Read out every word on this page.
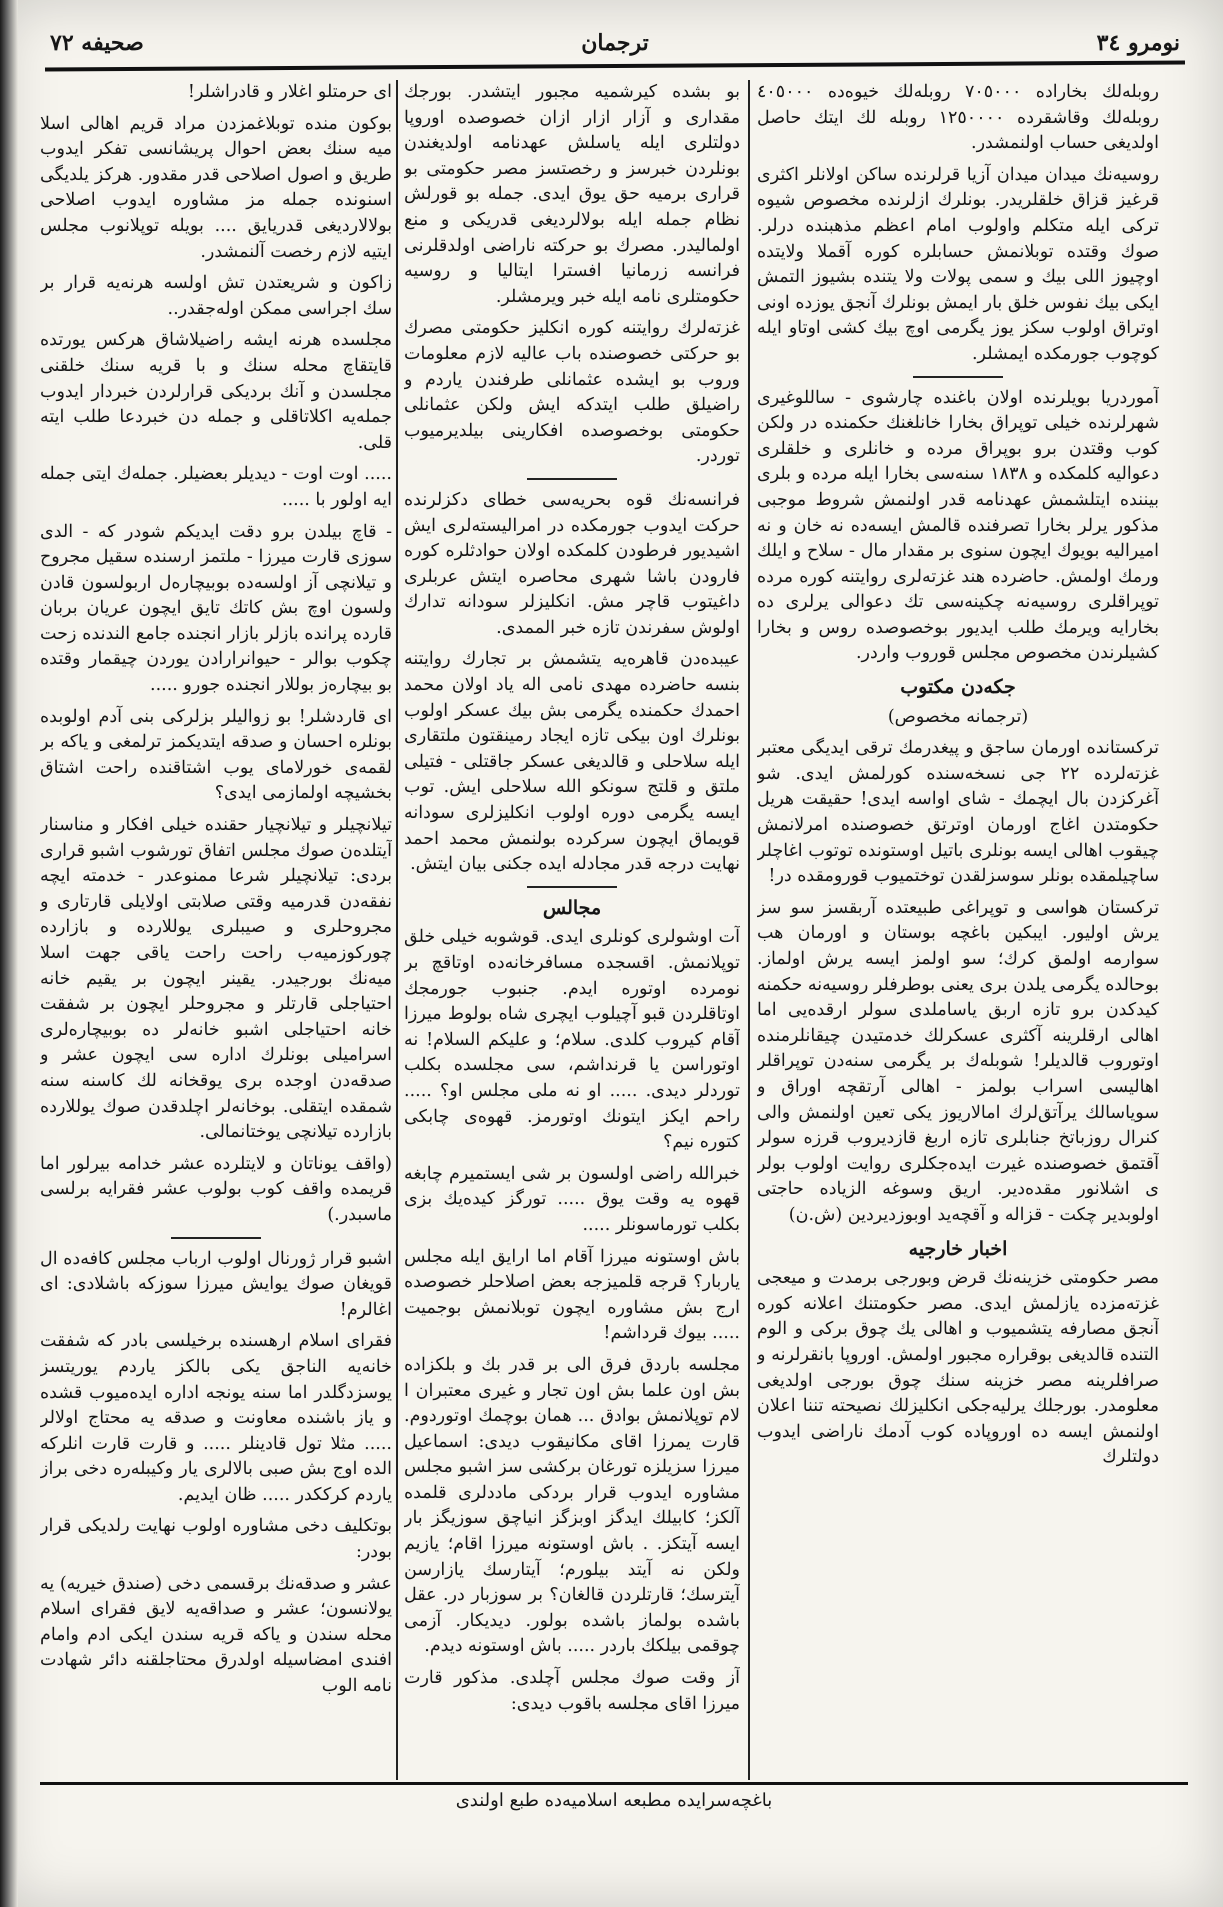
نومرو ٣٤
ترجمان
صحیفه ٧٢

روبله‌لك بخاراده ٧٠٥٠٠٠ روبله‌لك خیوه‌ده ٤٠٥٠٠٠ روبله‌لك وقاشقرده ١٢٥٠٠٠٠ روبله لك ایتك حاصل اولدیغی حساب اولنمشدر.

روسیه‌نك میدان میدان آزیا قرلرنده ساكن اولانلر اكثری قرغیز قزاق خلقلریدر. بونلرك ازلرنده مخصوص شیوه تركی ایله متكلم واولوب امام اعظم مذهبنده درلر. صوك وقتده توبلانمش حسابلره كوره آقملا ولایتده اوچیوز اللی بیك و سمی پولات ولا یتنده بشیوز التمش ایكی بیك نفوس خلق بار ایمش بونلرك آنجق یوزده اونی اوتراق اولوب سكز یوز یگرمی اوچ بیك كشی اوتاو ایله كوچوب جورمكده ایمشلر.

آموردریا بویلرنده اولان باغنده چارشوی - ساللوغیری شهرلرنده خیلی توپراق بخارا خانلغنك حكمنده در ولكن كوب وقتدن برو بوپراق مرده و خانلری و خلقلری دعوالیه كلمكده و ١٨٣٨ سنه‌سی بخارا ایله مرده و بلری بیننده ایتلشمش عهدنامه قدر اولنمش شروط موجبی مذكور یرلر بخارا تصرفنده قالمش ایسه‌ده نه خان و نه امیرالیه بویوك ایچون سنوی بر مقدار مال - سلاح و ایلك ورمك اولمش. حاضرده هند غزته‌لری روایتنه كوره مرده توپراقلری روسیه‌نه چكینه‌سی تك دعوالی یرلری ده بخارایه ویرمك طلب ایدیور بوخصوصده روس و بخارا كشیلرندن مخصوص مجلس قوروب واردر.

جكه‌دن مكتوب
(ترجمانه مخصوص)

تركستانده اورمان ساجق و پیغدرمك ترقی ایدیگی معتبر غزته‌لرده ٢٢ جی نسخه‌سنده كورلمش ایدی. شو آغركزدن بال ایچمك - شای اواسه ایدی! حقیقت هریل حكومتدن اغاج اورمان اوترتق خصوصنده امرلانمش چیقوب اهالی ایسه بونلری باتیل اوستونده توتوب اغاچلر ساچیلمقده بونلر سوسزلقدن توختمیوب قورومقده در!

تركستان هواسی و توپراغی طبیعتده آربقسز سو سز یرش اولیور. ایبكین باغچه بوستان و اورمان هب سوارمه اولمق كرك؛ سو اولمز ایسه یرش اولماز. بوحالده یگرمی یلدن بری یعنی بوطرفلر روسیه‌نه حكمنه كیدكدن برو تازه اربق یاساملدی سولر ارقده‌یی اما اهالی ارقلرینه آكثری عسكرلك خدمتیدن چیقانلرمنده اوتوروب قالدیلر! شوبله‌ك بر یگرمی سنه‌دن توپراقلر اهالیسی اسراب بولمز - اهالی آرتقچه اوراق و سویاسالك یرآتق‌لرك امالاریوز یكی تعین اولنمش والی كنرال روزباتخ جنابلری تازه اربغ قازدیروب قرزه سولر آقتمق خصوصنده غیرت ایده‌جكلری روایت اولوب بولر ی اشلانور مقده‌دیر. اریق وسوغه الزیاده حاجتی اولوبدیر چكت - قزاله و آقچه‌ید اوبوزدیردین (ش.ن)

اخبار خارجیه

مصر حكومتی خزینه‌نك قرض وبورجی برمدت و میعجی غزته‌مزده یازلمش ایدی. مصر حكومتنك اعلانه كوره آنجق مصارفه یتشمیوب و اهالی یك چوق بركی و الوم التنده قالدیغی بوقراره مجبور اولمش. اوروپا بانقرلرنه و صرافلرینه مصر خزینه سنك چوق بورجی اولدیغی معلومدر. بورجلك یرلیه‌جكی انكلیزلك نصیحته تننا اعلان اولنمش ایسه ده اوروپاده كوب آدمك ناراضی ایدوب دولتلرك

بو بشده كیرشمیه مجبور ایتشدر. بورجك مقداری و آزار ازار ازان خصوصده اوروپا دولتلری ایله یاسلش عهدنامه اولدیغندن بونلردن خبرسز و رخصتسز مصر حكومتی بو قراری برمیه حق یوق ایدی. جمله بو قورلش نظام جمله ایله بولالردیغی قدریكی و منع اولمالیدر. مصرك بو حركته ناراضی اولدقلرنی فرانسه زرمانیا افسترا ایتالیا و روسیه حكومتلری نامه ایله خبر ویرمشلر.

غزته‌لرك روایتنه كوره انكلیز حكومتی مصرك بو حركتی خصوصنده باب عالیه لازم معلومات وروب بو ایشده عثمانلی طرفندن یاردم و راضیلق طلب ایتدكه ایش ولكن عثمانلی حكومتی بوخصوصده افكارینی بیلدیرمیوب توردر.

فرانسه‌نك قوه بحریه‌سی خطای دكزلرنده حركت ایدوب جورمكده در امرالیسته‌لری ایش اشیدیور فرطودن كلمكده اولان حوادثلره كوره فارودن باشا شهری محاصره ایتش عربلری داغیتوب قاچر مش. انكلیزلر سودانه تدارك اولوش سفرندن تازه خبر الممدی.

عیبده‌دن قاهره‌یه یتشمش بر تجارك روایتنه بنسه حاضرده مهدی نامی اله یاد اولان محمد احمدك حكمنده یگرمی بش بیك عسكر اولوب بونلرك اون بیكی تازه ایجاد رمینقتون ملتقاری ایله سلاحلی و قالدیغی عسكر جاقتلی - فتیلی ملتق و قلتج سونكو الله سلاحلی ایش. توب ایسه یگرمی دوره اولوب انكلیزلری سودانه قویماق ایچون سركرده بولنمش محمد احمد نهایت درجه قدر مجادله ایده جكنی بیان ایتش.

مجالس

آت اوشولری كونلری ایدی. قوشوبه خیلی خلق توپلانمش. اقسجده مسافرخانه‌ده اوتاقچ بر نومرده اوتوره ایدم. جنبوب جورمجك اوتاقلردن قبو آچیلوب ایچری شاه بولوط میرزا آقام كیروب كلدی. سلام؛ و علیكم السلام! نه اوتوراسن یا قرنداشم، سی مجلسده بكلب توردلر دیدی. ..... او نه ملی مجلس او؟ ..... راحم ایكز ایتونك اوتورمز. قهوه‌ی چابكی كتوره نیم؟

خبرالله راضی اولسون بر شی ایستمیرم چابغه قهوه یه وقت یوق ..... تورگز كیده‌یك بزی بكلب تورماسونلر .....

باش اوستونه میرزا آقام اما ارایق ایله مجلس یاربار؟ قرجه قلمیزجه بعض اصلاحلر خصوصده ارج بش مشاوره ایچون توبلانمش بوجمیت ..... بیوك قرداشم!

مجلسه باردق فرق الی بر قدر بك و بلكزاده بش اون علما بش اون تجار و غیری معتبران ا لام توپلانمش بوادق ... همان بوچمك اوتوردوم. قارت یمرزا اقای مكانیقوب دیدی: اسماعیل میرزا سزیلزه تورغان بركشی سز اشبو مجلس مشاوره ایدوب قرار بردكی ماددلری قلمده آلكز؛ كابیلك ایدگز اوبزگز انیاچق سوزیگز بار ایسه آیتكز. . باش اوستونه میرزا اقام؛ یازیم ولكن نه آیتد بیلورم؛ آیتارسك یازارسن آیترسك؛ قارتلردن قالغان؟ بر سوزبار در. عقل باشده بولماز باشده بولور. دیدیكار. آزمی چوقمی بیلكك باردر ..... باش اوستونه دیدم.

آز وقت صوك مجلس آچلدی. مذكور قارت میرزا اقای مجلسه باقوب دیدی:

ای حرمتلو اغلار و قادراشلر!

بوكون منده توبلاغمزدن مراد قریم اهالی اسلا میه سنك بعض احوال پریشانسی تفكر ایدوب طریق و اصول اصلاحی قدر مقدور. هركز یلدیگی اسنونده جمله مز مشاوره ایدوب اصلاحی بولالاردیغی قدریایق .... بویله توپلانوب مجلس ایتیه لازم رخصت آلنمشدر.

زاكون و شریعتدن تش اولسه هرنه‌یه قرار بر سك اجراسی ممكن اوله‌جقدر..

مجلسده هرنه ایشه راضیلاشاق هركس یورتده قایتقاچ محله سنك و با قریه سنك خلقنی مجلسدن و آنك بردیكی قرارلردن خبردار ایدوب جمله‌یه اكلاتاقلی و جمله دن خبردعا طلب ایته قلی.

..... اوت اوت - دیدیلر بعضیلر. جمله‌ك ایتی جمله ایه اولور با .....

- قاچ بیلدن برو دقت ایدیكم شودر كه - الدی سوزی قارت میرزا - ملتمز ارسنده سقیل مجروح و تیلانچی آز اولسه‌ده بوبیچاره‌ل اربولسون قادن ولسون اوچ بش كاتك تایق ایچون عریان بربان قارده پرانده بازلر بازار انجنده جامع الندنده زحت چكوب بوالر - حیوانرارادن یوردن چیقمار وقتده بو بیچاره‌ز بوللار انجنده جورو .....

ای قاردشلر! بو زوالیلر بزلركی بنی آدم اولوبده بونلره احسان و صدقه ایتدیكمز ترلمغی و یاكه بر لقمه‌ی خورلامای یوب اشتاقنده راحت اشتاق بخشیچه اولمازمی ایدی؟

تیلانچیلر و تیلانچیار حقنده خیلی افكار و مناسنار آیتلده‌ن صوك مجلس اتفاق تورشوب اشبو قراری بردی: تیلانچیلر شرعا ممنوعدر - خدمته ایچه نفقه‌دن قدرمیه وقتی صلابتی اولایلی قارتاری و مجروحلری و صیبلری یوللارده و بازارده چوركوزمیه‌ب راحت راحت یاقی جهت اسلا میه‌نك بورجیدر. یقینر ایچون بر یقیم خانه احتیاجلی قارتلر و مجروحلر ایچون بر شفقت خانه احتیاجلی اشبو خانه‌لر ده بوبیچاره‌لری اسرامیلی بونلرك اداره سی ایچون عشر و صدقه‌دن اوجده بری یوقخانه لك كاسنه سنه شمقده ایتقلی. بوخانه‌لر اچلدقدن صوك یوللارده بازارده تیلانچی یوختانمالی.

(واقف یوناتان و لایتلرده عشر خدامه بیرلور اما قریمده واقف كوب بولوب عشر فقرایه برلسی ماسبدر.)

اشبو قرار ژورنال اولوب ارباب مجلس كافه‌ده ال قویغان صوك یوایش میرزا سوزكه باشلادی: ای اغالرم!

فقرای اسلام ارهسنده برخیلسی بادر كه شفقت خانه‌یه الناجق یكی بالكز یاردم یوریتسز یوسزدگلدر اما سنه یونجه اداره ایده‌میوب قشده و یاز باشنده معاونت و صدقه یه محتاج اولالر ..... مثلا تول قادینلر ..... و قارت قارت انلركه الده اوج بش صبی بالالری یار وكیبله‌ره دخی براز یاردم كرككدر ..... ظان ایدیم.

بوتكلیف دخی مشاوره اولوب نهایت رلدیكی قرار بودر:

عشر و صدقه‌نك برقسمی دخی (صندق خیریه) یه یولانسون؛ عشر و صداقه‌یه لایق فقرای اسلام محله سندن و یاكه قریه سندن ایكی ادم وامام افندی امضاسیله اولدرق محتاجلقنه دائر شهادت نامه الوب

باغچه‌سرایده مطبعه اسلامیه‌ده طبع اولندی
